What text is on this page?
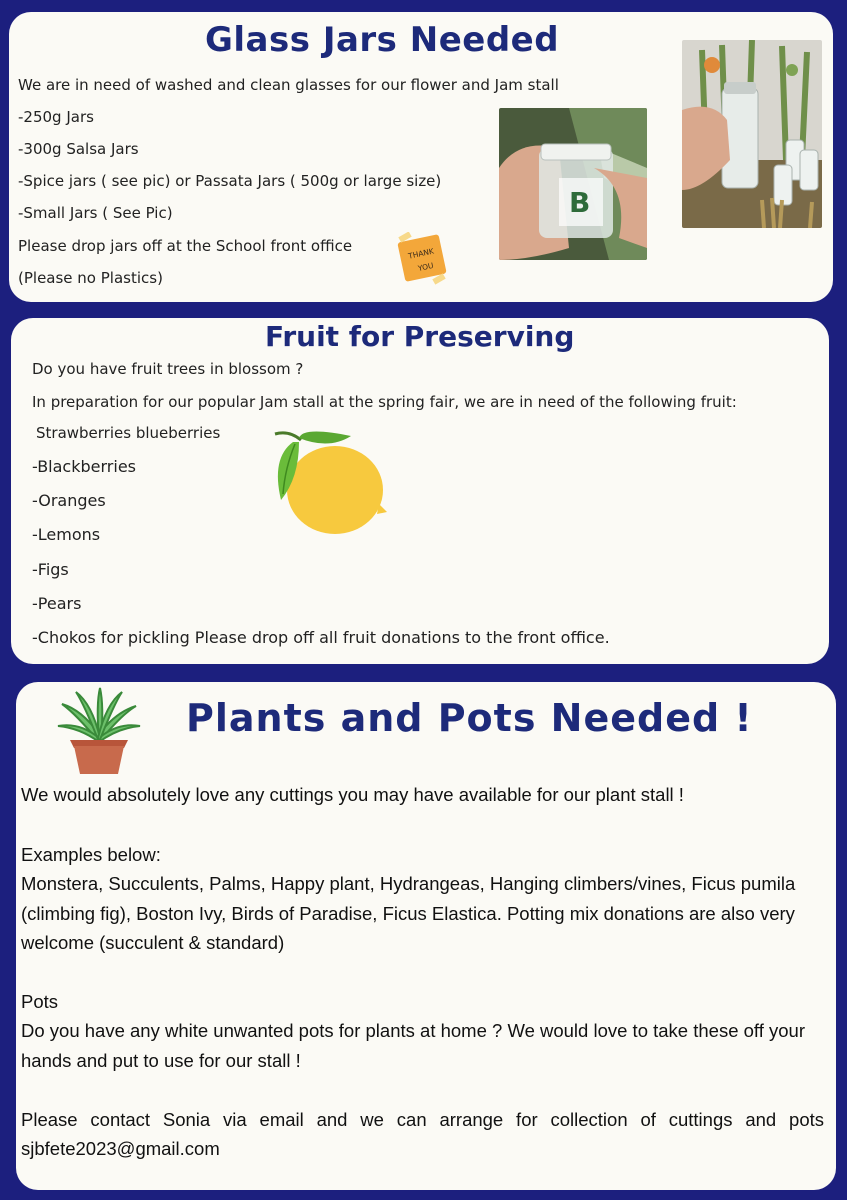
Glass Jars Needed

We are in need of washed and clean glasses for our flower and Jam stall

-250g Jars

-300g Salsa Jars

-Spice jars ( see pic) or Passata Jars ( 500g or large size)

-Small Jars ( See Pic)

Please drop jars off at the School front office

(Please no Plastics)

THANK
YOU
B
Fruit for Preserving

Do you have fruit trees in blossom ?

In preparation for our popular Jam stall at the spring fair, we are in need of the following fruit:

Strawberries blueberries

-Blackberries

-Oranges

-Lemons

-Figs

-Pears

-Chokos for pickling Please drop off all fruit donations to the front office.

Plants and Pots Needed !

We would absolutely love any cuttings you may have available for our plant stall !

Examples below:

Monstera, Succulents, Palms, Happy plant, Hydrangeas, Hanging climbers/vines, Ficus pumila (climbing fig), Boston Ivy, Birds of Paradise, Ficus Elastica. Potting mix donations are also very welcome (succulent & standard)

Pots

Do you have any white unwanted pots for plants at home ? We would love to take these off your hands and put to use for our stall !

Please contact Sonia via email and we can arrange for collection of cuttings and pots

sjbfete2023@gmail.com
